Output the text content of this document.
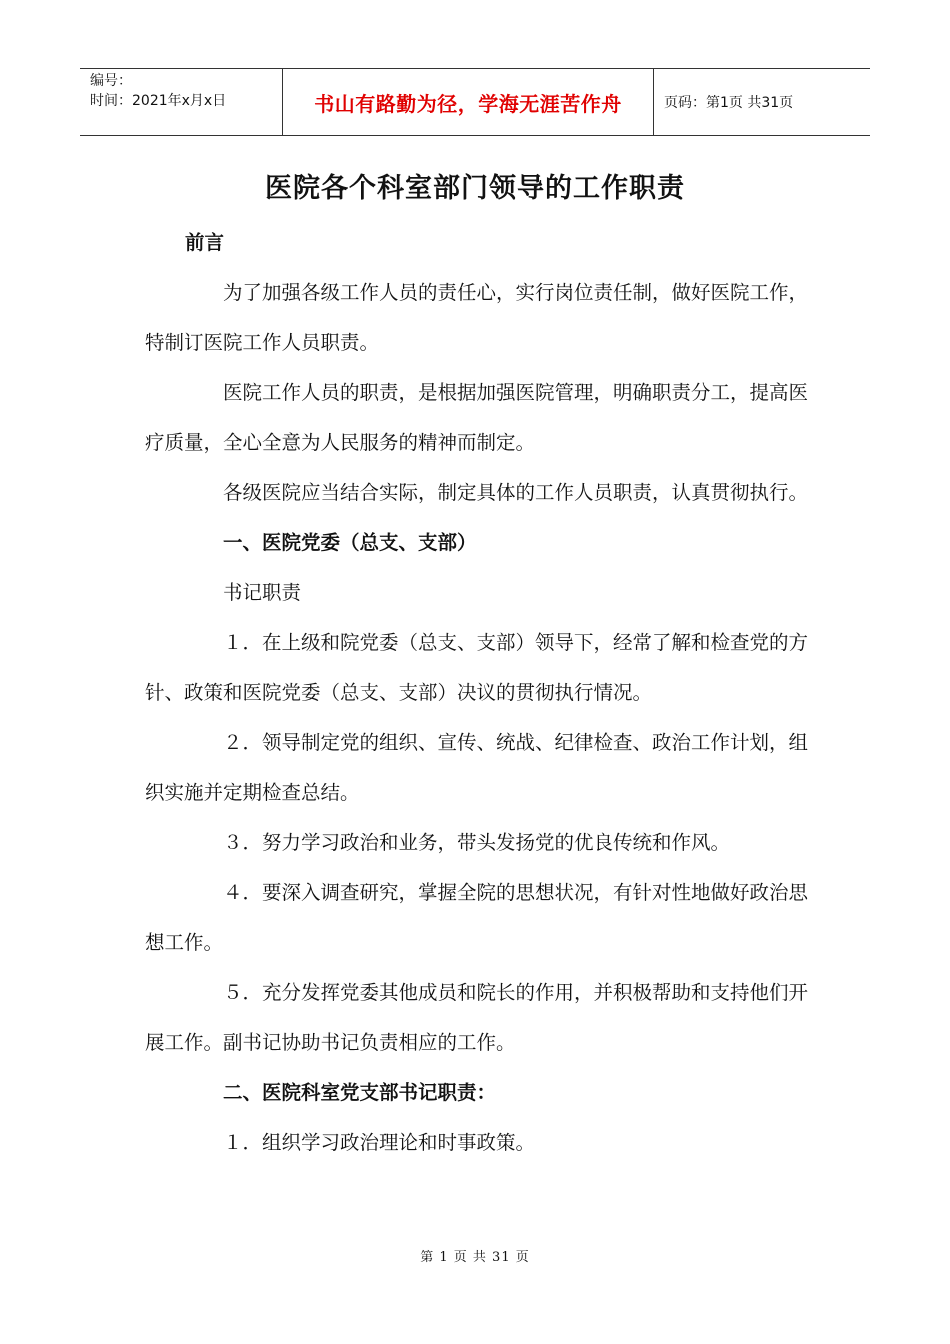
编号：
时间：2021年x月x日	书山有路勤为径，学海无涯苦作舟	页码：第1页 共31页
医院各个科室部门领导的工作职责

前言

为了加强各级工作人员的责任心，实行岗位责任制，做好医院工作，特制订医院工作人员职责。

医院工作人员的职责，是根据加强医院管理，明确职责分工，提高医疗质量，全心全意为人民服务的精神而制定。

各级医院应当结合实际，制定具体的工作人员职责，认真贯彻执行。

一、医院党委（总支、支部）

书记职责

１．在上级和院党委（总支、支部）领导下，经常了解和检查党的方针、政策和医院党委（总支、支部）决议的贯彻执行情况。

２．领导制定党的组织、宣传、统战、纪律检查、政治工作计划，组织实施并定期检查总结。

３．努力学习政治和业务，带头发扬党的优良传统和作风。

４．要深入调查研究，掌握全院的思想状况，有针对性地做好政治思想工作。

５．充分发挥党委其他成员和院长的作用，并积极帮助和支持他们开展工作。副书记协助书记负责相应的工作。

二、医院科室党支部书记职责：

１．组织学习政治理论和时事政策。

第 1 页 共 31 页
